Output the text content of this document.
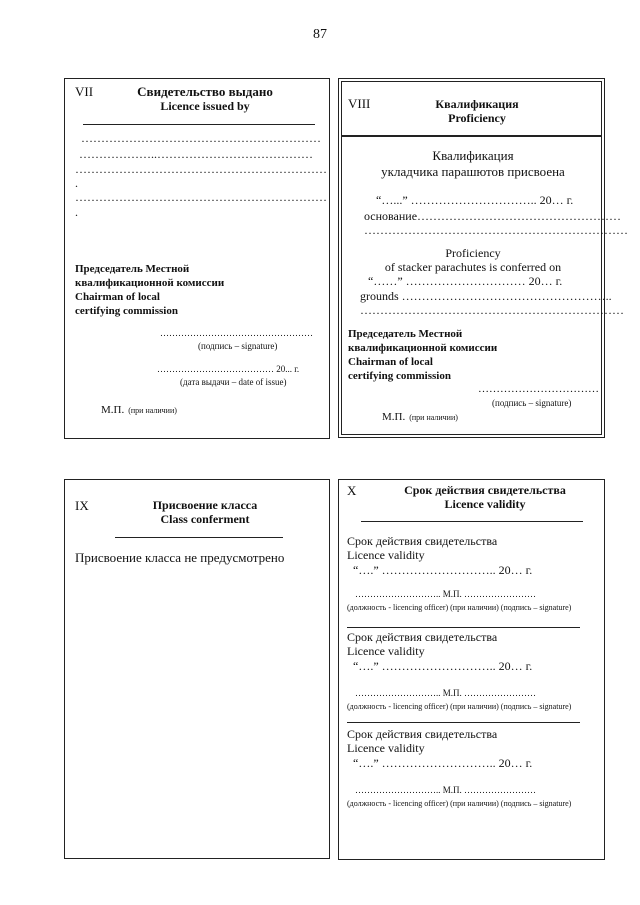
87
VII	Свидетельство выдано
Licence issued by
……………………………………………………
………………..…………………………………
………………………………………………………
.
………………………………………………………
.
Председатель Местной
квалификационной комиссии
Chairman of local
certifying commission
……………………………………………
(подпись – signature)
………………………………… 20... г.
(дата выдачи – date of issue)
М.П. (при наличии)
VIII	Квалификация
Proficiency
Квалификация
укладчика парашютов присвоена
“…...” ………………………….. 20… г.
основание……………………………………………
…………………………………………………………
Proficiency
of stacker parachutes is conferred on
“……” ………………………… 20… г.
grounds ……………………………………………..
…………………………………………………………
Председатель Местной
квалификационной комиссии
Chairman of local
certifying commission
……………………………
(подпись – signature)
М.П. (при наличии)
IX	Присвоение класса
Class conferment
Присвоение класса не предусмотрено
X	Срок действия свидетельства
Licence validity
Срок действия свидетельства
Licence validity
“….” ……………………….. 20… г.
……………………….. М.П. ……………………
(должность - licencing officer) (при наличии) (подпись – signature)
Срок действия свидетельства
Licence validity
“….” ……………………….. 20… г.
……………………….. М.П. ……………………
(должность - licencing officer) (при наличии) (подпись – signature)
Срок действия свидетельства
Licence validity
“….” ……………………….. 20… г.
……………………….. М.П. ……………………
(должность - licencing officer) (при наличии) (подпись – signature)
